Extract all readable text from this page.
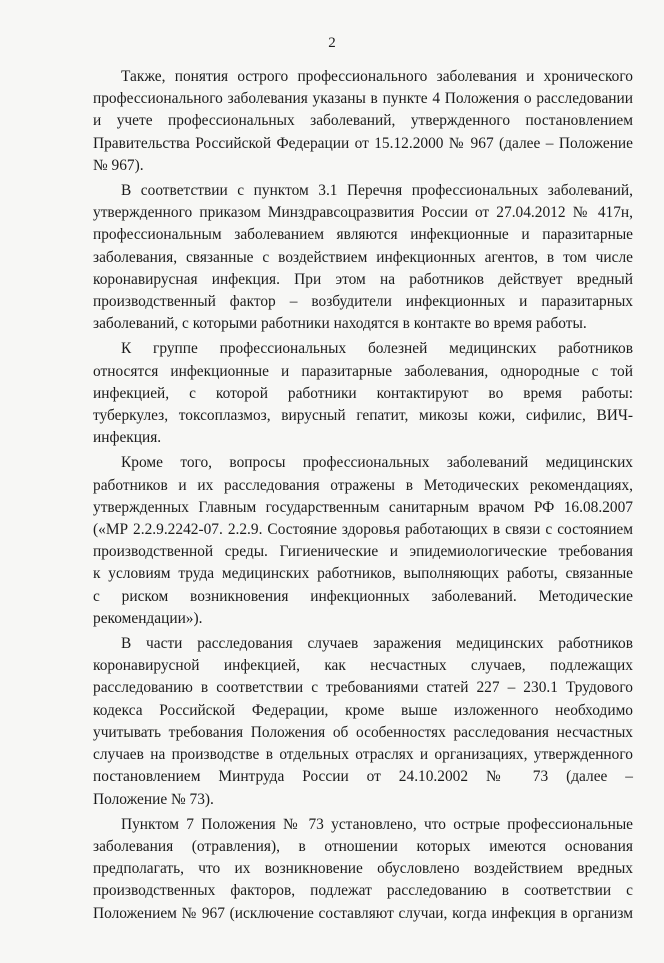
2

Также, понятия острого профессионального заболевания и хронического
профессионального заболевания указаны в пункте 4 Положения о расследовании
и учете профессиональных заболеваний, утвержденного постановлением
Правительства Российской Федерации от 15.12.2000 № 967 (далее – Положение
№ 967).

В соответствии с пунктом 3.1 Перечня профессиональных заболеваний,
утвержденного приказом Минздравсоцразвития России от 27.04.2012 № 417н,
профессиональным заболеванием являются инфекционные и паразитарные
заболевания, связанные с воздействием инфекционных агентов, в том числе
коронавирусная инфекция. При этом на работников действует вредный
производственный фактор – возбудители инфекционных и паразитарных
заболеваний, с которыми работники находятся в контакте во время работы.

К группе профессиональных болезней медицинских работников
относятся инфекционные и паразитарные заболевания, однородные с той
инфекцией, с которой работники контактируют во время работы:
туберкулез, токсоплазмоз, вирусный гепатит, микозы кожи, сифилис, ВИЧ-
инфекция.

Кроме того, вопросы профессиональных заболеваний медицинских
работников и их расследования отражены в Методических рекомендациях,
утвержденных Главным государственным санитарным врачом РФ 16.08.2007
(«МР 2.2.9.2242-07. 2.2.9. Состояние здоровья работающих в связи с состоянием
производственной среды. Гигиенические и эпидемиологические требования
к условиям труда медицинских работников, выполняющих работы, связанные
с риском возникновения инфекционных заболеваний. Методические
рекомендации»).

В части расследования случаев заражения медицинских работников
коронавирусной инфекцией, как несчастных случаев, подлежащих
расследованию в соответствии с требованиями статей 227 – 230.1 Трудового
кодекса Российской Федерации, кроме выше изложенного необходимо
учитывать требования Положения об особенностях расследования несчастных
случаев на производстве в отдельных отраслях и организациях, утвержденного
постановлением Минтруда России от 24.10.2002 № 73 (далее –
Положение № 73).

Пунктом 7 Положения № 73 установлено, что острые профессиональные
заболевания (отравления), в отношении которых имеются основания
предполагать, что их возникновение обусловлено воздействием вредных
производственных факторов, подлежат расследованию в соответствии с
Положением № 967 (исключение составляют случаи, когда инфекция в организм
